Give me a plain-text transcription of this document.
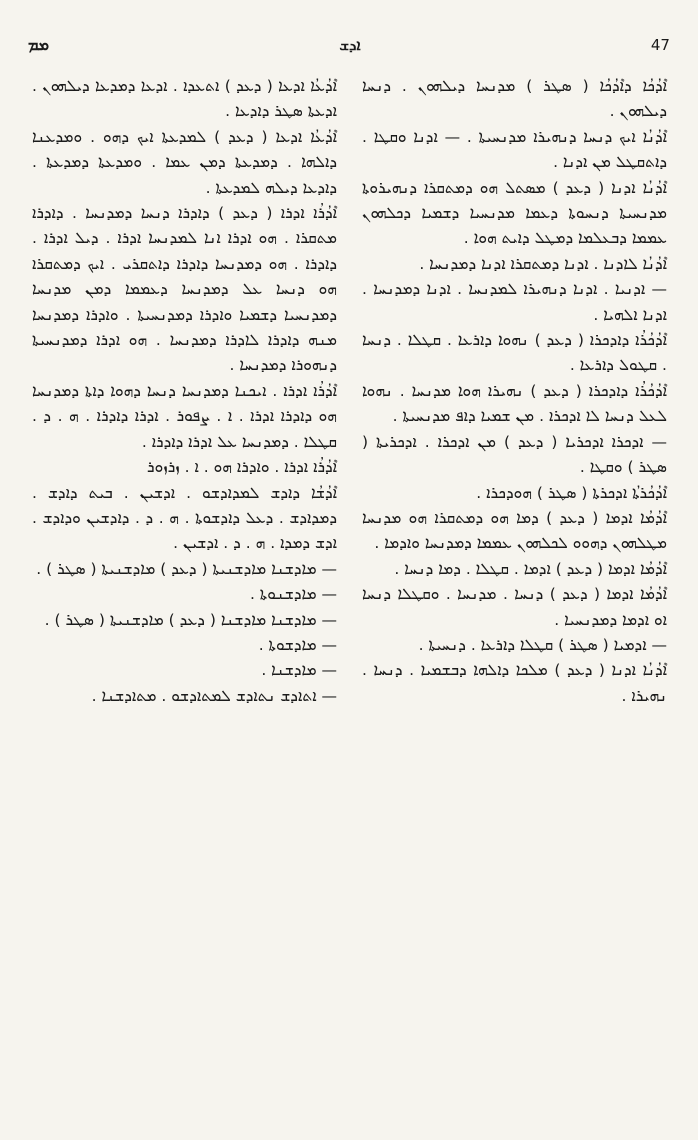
ܡܡ	ܐܕܫ	47

ܐܶܕܳܟܳܐ ܕܐܶܕܳܟܳܐ ( ܣܛܪ ) ܡܕܢܚܐ ܕܝܠܗܘܢ . ܕܢܚܐ ܕܝܠܗܘܢ .

ܐܶܕܳܢܳܐ ܐܝܟ ܕܢܚܐ ܕܢܗܝܪܐ ܡܕܢܚܝܬܐ . — ܐܕܢܐ ܘܩܛܐ . ܕܐܬܩܛܠ ܡܢ ܐܕܢܐ .

ܐܶܕܳܢܳܐ ܐܕܢܐ ( ܕܥܕ ) ܡܣܬܠ ܗܘ ܕܡܬܩܪܐ ܕܢܗܝܪܘܬܐ ܡܕܢܚܝܬܐ ܕܢܚܘܬܐ ܕܥܡܐ ܡܕܢܚܝܐ ܕܫܡܝܐ ܕܟܠܗܘܢ ܥܡܡܐ ܕܒܥܠܡܐ ܕܡܛܠ ܕܐܝܬ ܗܘܐ .

ܐܶܕܳܢܳܐ ܠܐܕܢܐ . ܐܕܢܐ ܕܡܬܩܪܐ ܐܕܢܐ ܕܡܕܢܚܐ .

— ܐܕܢܝܐ . ܐܕܢܐ ܕܢܗܝܪܐ ܠܡܕܢܚܐ . ܐܕܢܐ ܕܡܕܢܚܐ . ܐܕܢܐ ܐܠܗܝܐ .

ܐܶܕܳܟܳܪܳܐ ܕܐܕܟܪܐ ( ܕܥܕ ) ܢܗܘܐ ܕܐܪܥܐ . ܩܛܠܐ . ܕܢܚܐ . ܩܛܘܠ ܕܐܪܥܐ .

ܐܶܕܳܟܳܪܳܐ ܕܐܕܟܪܐ ( ܕܥܕ ) ܢܗܝܪܐ ܗܘܐ ܡܕܢܚܐ . ܢܗܘܐ ܠܥܠ ܕܢܚܐ ܠܐ ܐܕܟܪܐ . ܡܢ ܫܡܝܐ ܕܐܦ ܡܕܢܚܝܬܐ .

— ܐܕܟܪܐ ܐܕܟܪܝܐ ( ܕܥܕ ) ܡܢ ܐܕܟܪܐ . ܐܕܟܪܝܬܐ ( ܣܛܪ ) ܘܩܛܐ .

ܐܶܕܳܟܳܪܬܳܐ ܐܕܟܪܬܐ ( ܣܛܪ ) ܗܘܕܟܪܐ .

ܐܶܕܳܡܳܐ ܐܕܡܐ ( ܕܥܕ ) ܕܡܐ ܗܘ ܕܡܬܩܪܐ ܗܘ ܡܕܢܚܐ ܡܛܠܗܘܢ ܕܗܘܘ ܠܟܠܗܘܢ ܥܡܡܐ ܕܡܕܢܚܐ ܘܐܕܡܐ .

ܐܶܕܳܡܳܐ ܐܕܡܐ ( ܕܥܕ ) ܐܕܡܐ . ܩܛܠܐ . ܕܡܐ ܕܢܚܐ .

ܐܶܕܳܡܳܐ ܐܕܡܐ ( ܕܥܕ ) ܕܢܚܐ . ܡܕܢܚܐ . ܘܩܛܠܐ ܕܢܚܐ ܐܘ ܐܕܡܐ ܕܡܕܢܚܝܐ .

— ܐܕܡܝܐ ( ܣܛܪ ) ܩܛܠܐ ܕܐܪܥܐ . ܕܢܚܝܬܐ .

ܐܶܕܳܢܳܐ ܐܕܢܐ ( ܕܥܕ ) ܡܠܟܐ ܕܐܠܗܐ ܕܒܫܡܝܐ . ܕܢܚܐ . ܢܗܝܪܐ .

ܐܶܕܳܥܳܐ ܐܕܥܐ ( ܕܥܕ ) ܐܬܥܕܐ . ܐܕܥܐ ܕܡܕܥܐ ܕܝܠܗܘܢ . ܐܕܥܬܐ ܣܛܪ ܕܐܕܥܐ .

ܐܶܕܳܥܳܐ ܐܕܥܐ ( ܕܥܕ ) ܠܡܕܥܬܐ ܐܝܟ ܕܗܘ . ܘܡܕܥܢܐ ܕܐܠܗܐ . ܕܡܕܥܬܐ ܕܡܢ ܥܡܐ . ܘܡܕܥܬܐ ܕܡܕܥܬܐ . ܕܐܕܥܐ ܕܝܠܗ ܠܡܕܥܬܐ .

ܐܶܕܳܪܳܐ ܐܕܪܐ ( ܕܥܕ ) ܕܐܕܪܐ ܕܢܚܐ ܕܡܕܢܚܐ . ܕܐܕܪܐ ܡܬܩܪܐ . ܗܘ ܐܕܪܐ ܐܢܐ ܠܡܕܢܚܐ ܐܕܪܐ . ܕܝܠ ܐܕܪܐ . ܕܐܕܪܐ . ܗܘ ܕܡܕܢܚܐ ܕܐܕܪܐ ܕܐܬܩܪܝ . ܐܝܟ ܕܡܬܩܪܐ ܗܘ ܕܢܚܐ ܥܠ ܕܡܕܢܚܐ ܕܥܡܡܐ ܕܡܢ ܡܕܢܚܐ ܕܡܕܢܚܝܐ ܕܫܡܝܐ ܘܐܕܪܐ ܕܡܕܢܚܝܬܐ . ܘܐܕܪܐ ܕܡܕܢܚܐ ܡܢܗ ܕܐܕܪܐ ܠܐܕܪܐ ܕܡܕܢܚܐ . ܗܘ ܐܕܪܐ ܕܡܕܢܚܝܬܐ ܕܢܗܘܪܐ ܕܡܕܢܚܐ .

ܐܶܕܳܪܳܐ ܐܕܪܐ . ܐܝܟܢܐ ܕܡܕܢܚܐ ܕܢܚܐ ܕܗܘܐ ܕܐܬܐ ܕܡܕܢܚܐ ܗܘ ܕܐܕܪܐ ܐܕܪܐ . ܐ . ܨܦܘܪ . ܐܕܪܐ ܕܐܕܪܐ . ܗ . ܕ . ܩܛܠܐ . ܕܡܕܢܚܐ ܥܠ ܐܕܪܐ ܕܐܕܪܐ .

ܐܶܕܳܪܳܐ ܐܕܪܐ . ܘܐܕܪܐ ܗܘ . ܐ . ܙܪܙܘܪ

ܐܶܕܳܫܳܐ ܕܐܕܫ ܠܡܕܐܕܫܘ . ܐܕܫܝܢ . ܒܝܬ ܕܐܕܫ . ܕܡܕܐܕܫ . ܕܥܠ ܕܐܕܫܘܬܐ . ܗ . ܕ . ܕܐܕܫܝܢ ܘܕܐܕܫ . ܐܕܫ ܕܡܕܐ . ܗ . ܕ . ܐܕܫܝܢ .

— ܡܐܕܫܢܐ ܡܐܕܫܢܝܬܐ ( ܕܥܕ ) ܡܐܕܫܢܝܬܐ ( ܣܛܪ ) .

— ܡܐܕܫܢܘܬܐ .

— ܡܐܕܫܢܐ ܡܐܕܫܢܐ ( ܕܥܕ ) ܡܐܕܫܢܝܬܐ ( ܣܛܪ ) .

— ܡܐܕܫܘܬܐ .

— ܡܐܕܫܢܐ .

— ܐܬܐܕܫ ܢܬܐܕܫ ܠܡܬܐܕܫܘ . ܡܬܐܕܫܢܐ .
